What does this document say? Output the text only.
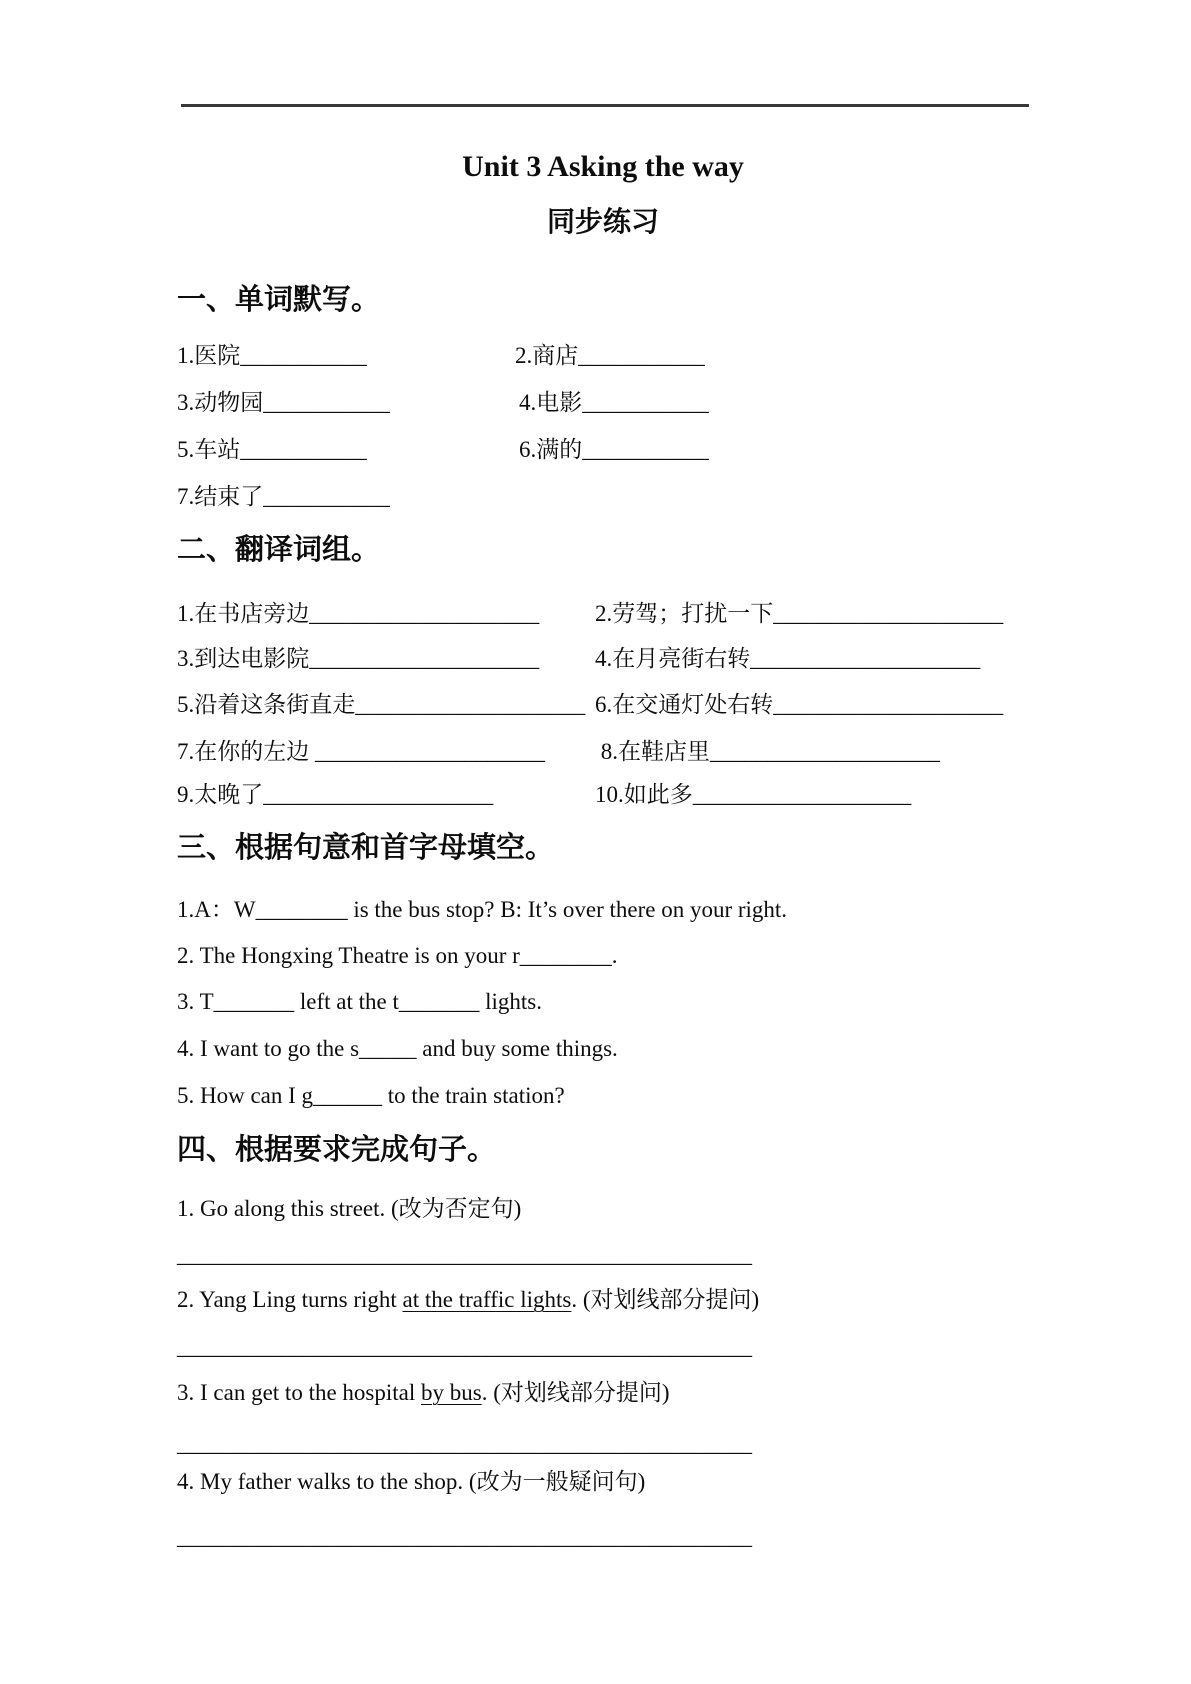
Unit 3 Asking the way
同步练习
一、单词默写。
1.医院___________	2.商店___________
3.动物园___________	4.电影___________
5.车站___________	6.满的___________
7.结束了___________
二、翻译词组。
1.在书店旁边____________________ 2.劳驾；打扰一下____________________
3.到达电影院____________________ 4.在月亮街右转____________________
5.沿着这条街直走____________________ 6.在交通灯处右转____________________
7.在你的左边 ____________________ 8.在鞋店里____________________
9.太晚了____________________	10.如此多___________________
三、根据句意和首字母填空。
1.A：W________ is the bus stop? B: It’s over there on your right.
2. The Hongxing Theatre is on your r________.
3. T_______ left at the t_______ lights.
4. I want to go the s_____ and buy some things.
5. How can I g______ to the train station?
四、根据要求完成句子。
1. Go along this street. (改为否定句)
__________________________________________________
2. Yang Ling turns right at the traffic lights. (对划线部分提问)
__________________________________________________
3. I can get to the hospital by bus. (对划线部分提问)
__________________________________________________
4. My father walks to the shop. (改为一般疑问句)
__________________________________________________
